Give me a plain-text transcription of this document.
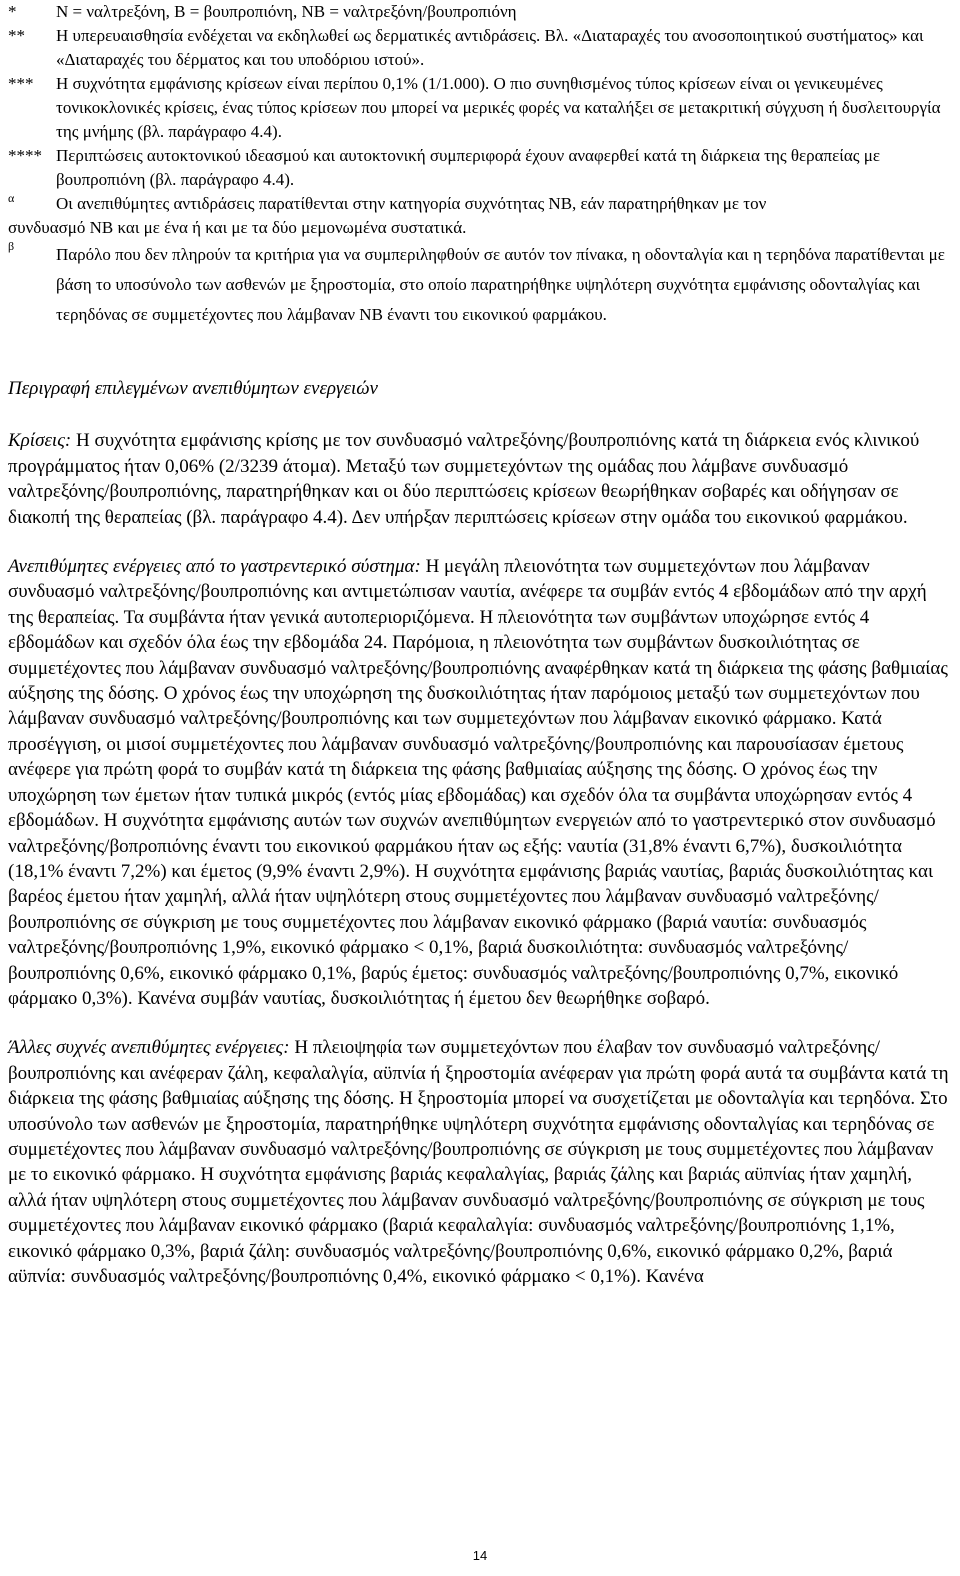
* N = ναλτρεξόνη, B = βουπροπιόνη, NB = ναλτρεξόνη/βουπροπιόνη
** Η υπερευαισθησία ενδέχεται να εκδηλωθεί ως δερματικές αντιδράσεις. Βλ. «Διαταραχές του ανοσοποιητικού συστήματος» και «Διαταραχές του δέρματος και του υποδόριου ιστού».
*** Η συχνότητα εμφάνισης κρίσεων είναι περίπου 0,1% (1/1.000). Ο πιο συνηθισμένος τύπος κρίσεων είναι οι γενικευμένες τονικοκλονικές κρίσεις, ένας τύπος κρίσεων που μπορεί να μερικές φορές να καταλήξει σε μετακριτική σύγχυση ή δυσλειτουργία της μνήμης (βλ. παράγραφο 4.4).
**** Περιπτώσεις αυτοκτονικού ιδεασμού και αυτοκτονική συμπεριφορά έχουν αναφερθεί κατά τη διάρκεια της θεραπείας με βουπροπιόνη (βλ. παράγραφο 4.4).
α	Οι ανεπιθύμητες αντιδράσεις παρατίθενται στην κατηγορία συχνότητας NB, εάν παρατηρήθηκαν με τον
συνδυασμό NB και με ένα ή και με τα δύο μεμονωμένα συστατικά.
β Παρόλο που δεν πληρούν τα κριτήρια για να συμπεριληφθούν σε αυτόν τον πίνακα, η οδονταλγία και η τερηδόνα παρατίθενται με βάση το υποσύνολο των ασθενών με ξηροστομία, στο οποίο παρατηρήθηκε υψηλότερη συχνότητα εμφάνισης οδονταλγίας και τερηδόνας σε συμμετέχοντες που λάμβαναν NB έναντι του εικονικού φαρμάκου.
Περιγραφή επιλεγμένων ανεπιθύμητων ενεργειών

Κρίσεις: Η συχνότητα εμφάνισης κρίσης με τον συνδυασμό ναλτρεξόνης/βουπροπιόνης κατά τη διάρκεια ενός κλινικού προγράμματος ήταν 0,06% (2/3239 άτομα). Μεταξύ των συμμετεχόντων της ομάδας που λάμβανε συνδυασμό ναλτρεξόνης/βουπροπιόνης, παρατηρήθηκαν και οι δύο περιπτώσεις κρίσεων θεωρήθηκαν σοβαρές και οδήγησαν σε διακοπή της θεραπείας (βλ. παράγραφο 4.4). Δεν υπήρξαν περιπτώσεις κρίσεων στην ομάδα του εικονικού φαρμάκου.

Ανεπιθύμητες ενέργειες από το γαστρεντερικό σύστημα: Η μεγάλη πλειονότητα των συμμετεχόντων που λάμβαναν συνδυασμό ναλτρεξόνης/βουπροπιόνης και αντιμετώπισαν ναυτία, ανέφερε τα συμβάν εντός 4 εβδομάδων από την αρχή της θεραπείας. Τα συμβάντα ήταν γενικά αυτοπεριοριζόμενα. Η πλειονότητα των συμβάντων υποχώρησε εντός 4 εβδομάδων και σχεδόν όλα έως την εβδομάδα 24. Παρόμοια, η πλειονότητα των συμβάντων δυσκοιλιότητας σε συμμετέχοντες που λάμβαναν συνδυασμό ναλτρεξόνης/βουπροπιόνης αναφέρθηκαν κατά τη διάρκεια της φάσης βαθμιαίας αύξησης της δόσης. Ο χρόνος έως την υποχώρηση της δυσκοιλιότητας ήταν παρόμοιος μεταξύ των συμμετεχόντων που λάμβαναν συνδυασμό ναλτρεξόνης/βουπροπιόνης και των συμμετεχόντων που λάμβαναν εικονικό φάρμακο. Κατά προσέγγιση, οι μισοί συμμετέχοντες που λάμβαναν συνδυασμό ναλτρεξόνης/βουπροπιόνης και παρουσίασαν έμετους ανέφερε για πρώτη φορά το συμβάν κατά τη διάρκεια της φάσης βαθμιαίας αύξησης της δόσης. Ο χρόνος έως την υποχώρηση των έμετων ήταν τυπικά μικρός (εντός μίας εβδομάδας) και σχεδόν όλα τα συμβάντα υποχώρησαν εντός 4 εβδομάδων. Η συχνότητα εμφάνισης αυτών των συχνών ανεπιθύμητων ενεργειών από το γαστρεντερικό στον συνδυασμό ναλτρεξόνης/βοπροπιόνης έναντι του εικονικού φαρμάκου ήταν ως εξής: ναυτία (31,8% έναντι 6,7%), δυσκοιλιότητα (18,1% έναντι 7,2%) και έμετος (9,9% έναντι 2,9%). Η συχνότητα εμφάνισης βαριάς ναυτίας, βαριάς δυσκοιλιότητας και βαρέος έμετου ήταν χαμηλή, αλλά ήταν υψηλότερη στους συμμετέχοντες που λάμβαναν συνδυασμό ναλτρεξόνης/βουπροπιόνης σε σύγκριση με τους συμμετέχοντες που λάμβαναν εικονικό φάρμακο (βαριά ναυτία: συνδυασμός ναλτρεξόνης/βουπροπιόνης 1,9%, εικονικό φάρμακο < 0,1%, βαριά δυσκοιλιότητα: συνδυασμός ναλτρεξόνης/βουπροπιόνης 0,6%, εικονικό φάρμακο 0,1%, βαρύς έμετος: συνδυασμός ναλτρεξόνης/βουπροπιόνης 0,7%, εικονικό φάρμακο 0,3%). Κανένα συμβάν ναυτίας, δυσκοιλιότητας ή έμετου δεν θεωρήθηκε σοβαρό.

Άλλες συχνές ανεπιθύμητες ενέργειες: Η πλειοψηφία των συμμετεχόντων που έλαβαν τον συνδυασμό ναλτρεξόνης/βουπροπιόνης και ανέφεραν ζάλη, κεφαλαλγία, αϋπνία ή ξηροστομία ανέφεραν για πρώτη φορά αυτά τα συμβάντα κατά τη διάρκεια της φάσης βαθμιαίας αύξησης της δόσης. Η ξηροστομία μπορεί να συσχετίζεται με οδονταλγία και τερηδόνα. Στο υποσύνολο των ασθενών με ξηροστομία, παρατηρήθηκε υψηλότερη συχνότητα εμφάνισης οδονταλγίας και τερηδόνας σε συμμετέχοντες που λάμβαναν συνδυασμό ναλτρεξόνης/βουπροπιόνης σε σύγκριση με τους συμμετέχοντες που λάμβαναν με το εικονικό φάρμακο. Η συχνότητα εμφάνισης βαριάς κεφαλαλγίας, βαριάς ζάλης και βαριάς αϋπνίας ήταν χαμηλή, αλλά ήταν υψηλότερη στους συμμετέχοντες που λάμβαναν συνδυασμό ναλτρεξόνης/βουπροπιόνης σε σύγκριση με τους συμμετέχοντες που λάμβαναν εικονικό φάρμακο (βαριά κεφαλαλγία: συνδυασμός ναλτρεξόνης/βουπροπιόνης 1,1%, εικονικό φάρμακο 0,3%, βαριά ζάλη: συνδυασμός ναλτρεξόνης/βουπροπιόνης 0,6%, εικονικό φάρμακο 0,2%, βαριά αϋπνία: συνδυασμός ναλτρεξόνης/βουπροπιόνης 0,4%, εικονικό φάρμακο < 0,1%). Κανένα

14
